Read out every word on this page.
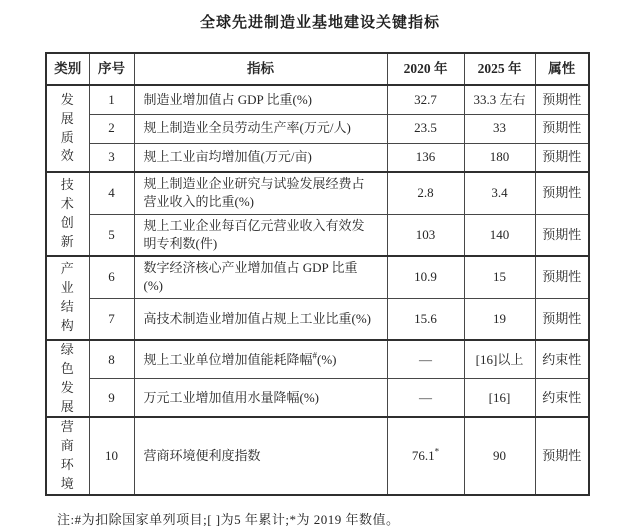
全球先进制造业基地建设关键指标
类别	序号	指标	2020 年	2025 年	属性
发展质效	1	制造业增加值占 GDP 比重(%)	32.7	33.3 左右	预期性
	2	规上制造业全员劳动生产率(万元/人)	23.5	33	预期性
	3	规上工业亩均增加值(万元/亩)	136	180	预期性
技术创新	4	规上制造业企业研究与试验发展经费占营业收入的比重(%)	2.8	3.4	预期性
	5	规上工业企业每百亿元营业收入有效发明专利数(件)	103	140	预期性
产业结构	6	数字经济核心产业增加值占 GDP 比重(%)	10.9	15	预期性
	7	高技术制造业增加值占规上工业比重(%)	15.6	19	预期性
绿色发展	8	规上工业单位增加值能耗降幅#(%)	—	[16]以上	约束性
	9	万元工业增加值用水量降幅(%)	—	[16]	约束性
营商环境	10	营商环境便利度指数	76.1*	90	预期性
注:#为扣除国家单列项目;[ ]为5 年累计;*为 2019 年数值。
